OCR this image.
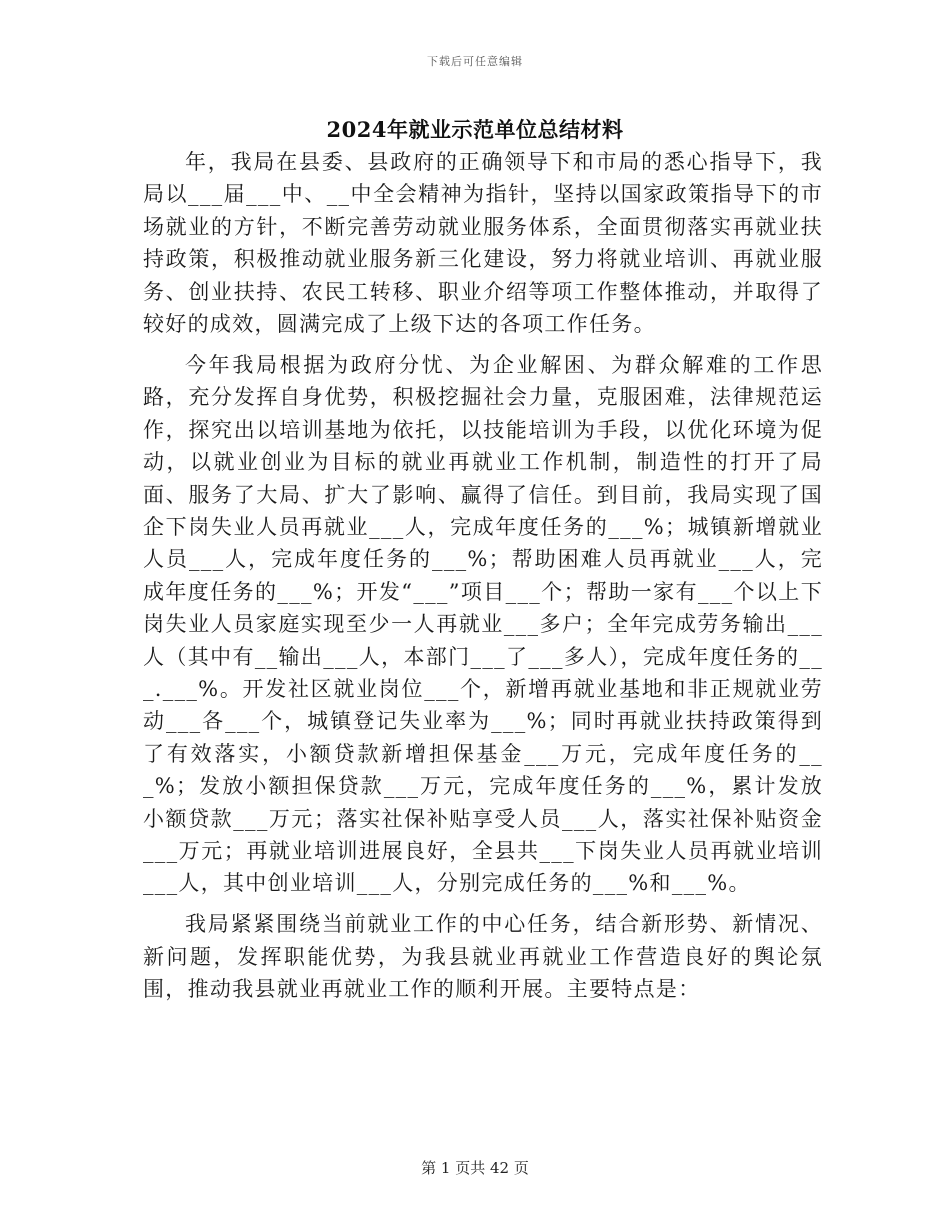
下载后可任意编辑
2024年就业示范单位总结材料

年，我局在县委、县政府的正确领导下和市局的悉心指导下，我局以___届___中、__中全会精神为指针，坚持以国家政策指导下的市场就业的方针，不断完善劳动就业服务体系，全面贯彻落实再就业扶持政策，积极推动就业服务新三化建设，努力将就业培训、再就业服务、创业扶持、农民工转移、职业介绍等项工作整体推动，并取得了较好的成效，圆满完成了上级下达的各项工作任务。

今年我局根据为政府分忧、为企业解困、为群众解难的工作思路，充分发挥自身优势，积极挖掘社会力量，克服困难，法律规范运作，探究出以培训基地为依托，以技能培训为手段，以优化环境为促动，以就业创业为目标的就业再就业工作机制，制造性的打开了局面、服务了大局、扩大了影响、赢得了信任。到目前，我局实现了国企下岗失业人员再就业___人，完成年度任务的___%；城镇新增就业人员___人，完成年度任务的___%；帮助困难人员再就业___人，完成年度任务的___%；开发“___”项目___个；帮助一家有___个以上下岗失业人员家庭实现至少一人再就业___多户；全年完成劳务输出___人（其中有__输出___人，本部门___了___多人），完成年度任务的___.___%。开发社区就业岗位___个，新增再就业基地和非正规就业劳动___各___个，城镇登记失业率为___%；同时再就业扶持政策得到了有效落实，小额贷款新增担保基金___万元，完成年度任务的___%；发放小额担保贷款___万元，完成年度任务的___%，累计发放小额贷款___万元；落实社保补贴享受人员___人，落实社保补贴资金___万元；再就业培训进展良好，全县共___下岗失业人员再就业培训___人，其中创业培训___人，分别完成任务的___%和___%。

我局紧紧围绕当前就业工作的中心任务，结合新形势、新情况、新问题，发挥职能优势，为我县就业再就业工作营造良好的舆论氛围，推动我县就业再就业工作的顺利开展。主要特点是：

第 1 页共 42 页
